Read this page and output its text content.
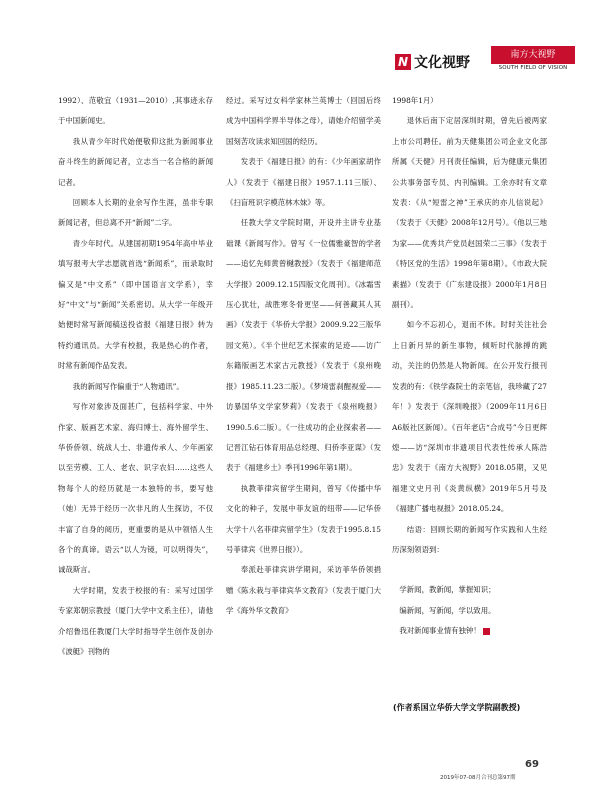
N 文化视野	南方大视野
SOUTH FIELD OF VISION

1992）、范敬宜（1931—2010）,其事迹永存于中国新闻史。

我从青少年时代始便敬仰这批为新闻事业奋斗终生的新闻记者，立志当一名合格的新闻记者。

回顾本人长期的业余写作生涯，虽非专职新闻记者，但总离不开“新闻”二字。

青少年时代。从建国初期1954年高中毕业填写报考大学志愿就首选“新闻系”，而录取时偏又是“中文系”（即中国语言文学系），幸好“中文”与“新闻”关系密切。从大学一年级开始便时常写新闻稿送投省报《福建日报》转为特约通讯员。大学有校报，我是热心的作者，时常有新闻作品发表。

我的新闻写作偏重于“人物通讯”。

写作对象涉及面甚广，包括科学家、中外作家、版画艺术家、海归博士、海外留学生、华侨侨领、统战人士、非遗传承人、少年画家以至劳模、工人、老农、识字农妇……这些人物每个人的经历就是一本独特的书，要写他（她）无异于经历一次非凡的人生探访，不仅丰富了自身的阅历，更重要的是从中领悟人生各个的真谛。语云“以人为镜，可以明得失”，诚哉斯言。

大学时期，发表于校报的有：采写过国学专家郑朝宗教授（厦门大学中文系主任），请他介绍鲁迅任教厦门大学时指导学生创作及创办《波艇》刊物的

经过。采写过女科学家林兰英博士（回国后终成为中国科学界半导体之母），请她介绍留学美国刻苦攻读求知回国的经历。

发表于《福建日报》的有：《少年画家胡作人》（发表于《福建日报》1957.1.11三版）、《扫盲班识字模范林木妹》等。

任教大学文学院时期，开设并主讲专业基础课《新闻写作》。曾写《一位儒雅豪智的学者——追忆先师黄曾樾教授》（发表于《福建师范大学报》2009.12.15四版文化周刊）。《冰霜雪压心犹壮，战胜寒冬骨更坚——何善藏其人其画》（发表于《华侨大学报》2009.9.22三版华园文苑）。《半个世纪艺术探索的足迹——访广东籍版画艺术家古元教授》（发表于《泉州晚报》1985.11.23二版）。《梦境雷刹醒视爱——访暴国华文学家梦莉》（发表于《泉州晚报》1990.5.6二版）。《一往成功的企业探索者——记晋江钻石体育用品总经理、归侨李亚谋》（发表于《福建乡土》季刊1996年第1期）。

执教菲律宾留学生期间，曾写《传播中华文化的种子，发展中菲友谊的纽带——记华侨大学十八名菲律宾留学生》（发表于1995.8.15号菲律宾《世界日报》）。

奉派赴菲律宾讲学期间，采访菲华侨领捐赠《陈永栽与菲律宾华文教育》（发表于厦门大学《海外华文教育》

1998年1月）

退休后南下定居深圳时期，曾先后被两家上市公司聘任。前为天健集团公司企业文化部所属《天健》月刊责任编辑，后为健康元集团公共事务部专员、内刊编辑。工余亦时有文章发表：《从“短雷之神”王承庆的亦儿信说起》（发表于《天健》2008年12月号）。《他以三地为家——优秀共产党员赵国荣二三事》（发表于《特区党的生活》1998年第8期）。《市政大院素描》（发表于《广东建设报》2000年1月8日副刊）。

如今不忘初心，退而不休。时时关注社会上日新月异的新生事物，倾听时代脉搏的跳动，关注的仍然是人物新闻。在公开发行报刊发表的有：《铁学森院士的亲笔信，我珍藏了27年！》发表于《深圳晚报》（2009年11月6日A6版社区新闻）。《百年老店“合成号”今日更辉煌——访“深圳市非遗项目代表性传承人陈浩忠》发表于《南方大视野》2018.05期，又见福建文史月刊《炎黄纵横》2019年5月号及《福建广播电视报》2018.05.24。

结语：回顾长期的新闻写作实践和人生经历深刻领语到：

学新闻，教新闻，掌握知识；

编新闻，写新闻，学以致用。

我对新闻事业情有独钟！ N

(作者系国立华侨大学文学院副教授)
69
2019年07-08月合刊总第97期
